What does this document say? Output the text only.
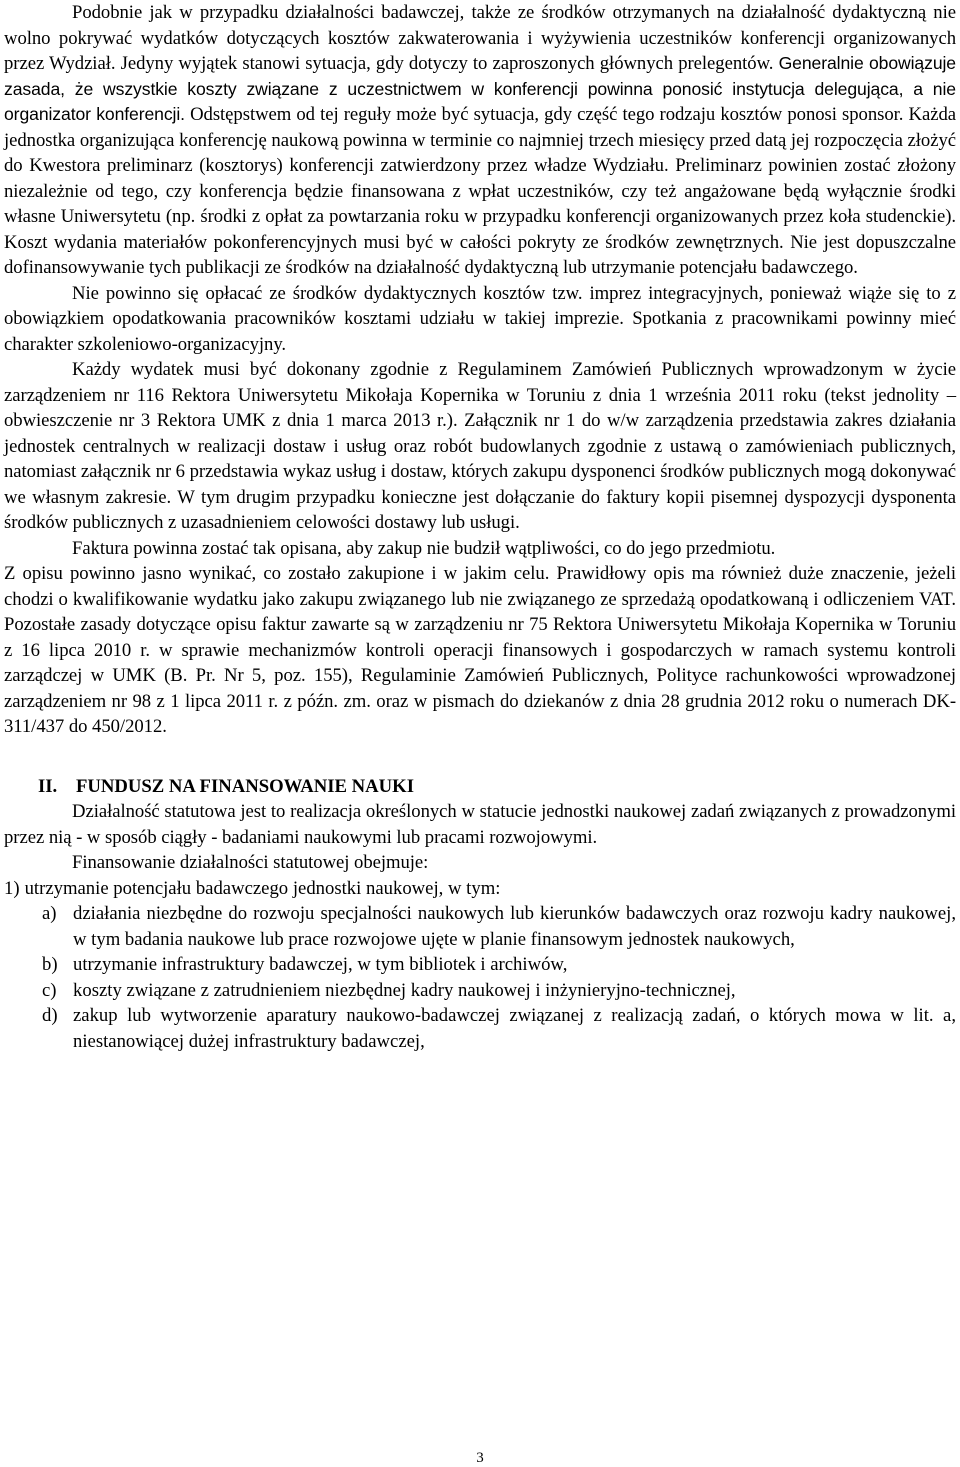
Podobnie jak w przypadku działalności badawczej, także ze środków otrzymanych na działalność dydaktyczną nie wolno pokrywać wydatków dotyczących kosztów zakwaterowania i wyżywienia uczestników konferencji organizowanych przez Wydział. Jedyny wyjątek stanowi sytuacja, gdy dotyczy to zaproszonych głównych prelegentów. Generalnie obowiązuje zasada, że wszystkie koszty związane z uczestnictwem w konferencji powinna ponosić instytucja delegująca, a nie organizator konferencji. Odstępstwem od tej reguły może być sytuacja, gdy część tego rodzaju kosztów ponosi sponsor. Każda jednostka organizująca konferencję naukową powinna w terminie co najmniej trzech miesięcy przed datą jej rozpoczęcia złożyć do Kwestora preliminarz (kosztorys) konferencji zatwierdzony przez władze Wydziału. Preliminarz powinien zostać złożony niezależnie od tego, czy konferencja będzie finansowana z wpłat uczestników, czy też angażowane będą wyłącznie środki własne Uniwersytetu (np. środki z opłat za powtarzania roku w przypadku konferencji organizowanych przez koła studenckie). Koszt wydania materiałów pokonferencyjnych musi być w całości pokryty ze środków zewnętrznych. Nie jest dopuszczalne dofinansowywanie tych publikacji ze środków na działalność dydaktyczną lub utrzymanie potencjału badawczego.

Nie powinno się opłacać ze środków dydaktycznych kosztów tzw. imprez integracyjnych, ponieważ wiąże się to z obowiązkiem opodatkowania pracowników kosztami udziału w takiej imprezie. Spotkania z pracownikami powinny mieć charakter szkoleniowo-organizacyjny.

Każdy wydatek musi być dokonany zgodnie z Regulaminem Zamówień Publicznych wprowadzonym w życie zarządzeniem nr 116 Rektora Uniwersytetu Mikołaja Kopernika w Toruniu z dnia 1 września 2011 roku (tekst jednolity – obwieszczenie nr 3 Rektora UMK z dnia 1 marca 2013 r.). Załącznik nr 1 do w/w zarządzenia przedstawia zakres działania jednostek centralnych w realizacji dostaw i usług oraz robót budowlanych zgodnie z ustawą o zamówieniach publicznych, natomiast załącznik nr 6 przedstawia wykaz usług i dostaw, których zakupu dysponenci środków publicznych mogą dokonywać we własnym zakresie. W tym drugim przypadku konieczne jest dołączanie do faktury kopii pisemnej dyspozycji dysponenta środków publicznych z uzasadnieniem celowości dostawy lub usługi.

Faktura powinna zostać tak opisana, aby zakup nie budził wątpliwości, co do jego przedmiotu.

Z opisu powinno jasno wynikać, co zostało zakupione i w jakim celu. Prawidłowy opis ma również duże znaczenie, jeżeli chodzi o kwalifikowanie wydatku jako zakupu związanego lub nie związanego ze sprzedażą opodatkowaną i odliczeniem VAT. Pozostałe zasady dotyczące opisu faktur zawarte są w zarządzeniu nr 75 Rektora Uniwersytetu Mikołaja Kopernika w Toruniu z 16 lipca 2010 r. w sprawie mechanizmów kontroli operacji finansowych i gospodarczych w ramach systemu kontroli zarządczej w UMK (B. Pr. Nr 5, poz. 155), Regulaminie Zamówień Publicznych, Polityce rachunkowości wprowadzonej zarządzeniem nr 98 z 1 lipca 2011 r. z późn. zm. oraz w pismach do dziekanów z dnia 28 grudnia 2012 roku o numerach DK-311/437 do 450/2012.

II.	FUNDUSZ NA FINANSOWANIE NAUKI

Działalność statutowa jest to realizacja określonych w statucie jednostki naukowej zadań związanych z prowadzonymi przez nią - w sposób ciągły - badaniami naukowymi lub pracami rozwojowymi.

Finansowanie działalności statutowej obejmuje:

1) utrzymanie potencjału badawczego jednostki naukowej, w tym:
a) działania niezbędne do rozwoju specjalności naukowych lub kierunków badawczych oraz rozwoju kadry naukowej, w tym badania naukowe lub prace rozwojowe ujęte w planie finansowym jednostek naukowych,
b) utrzymanie infrastruktury badawczej, w tym bibliotek i archiwów,
c) koszty związane z zatrudnieniem niezbędnej kadry naukowej i inżynieryjno-technicznej,
d) zakup lub wytworzenie aparatury naukowo-badawczej związanej z realizacją zadań, o których mowa w lit. a, niestanowiącej dużej infrastruktury badawczej,
3
